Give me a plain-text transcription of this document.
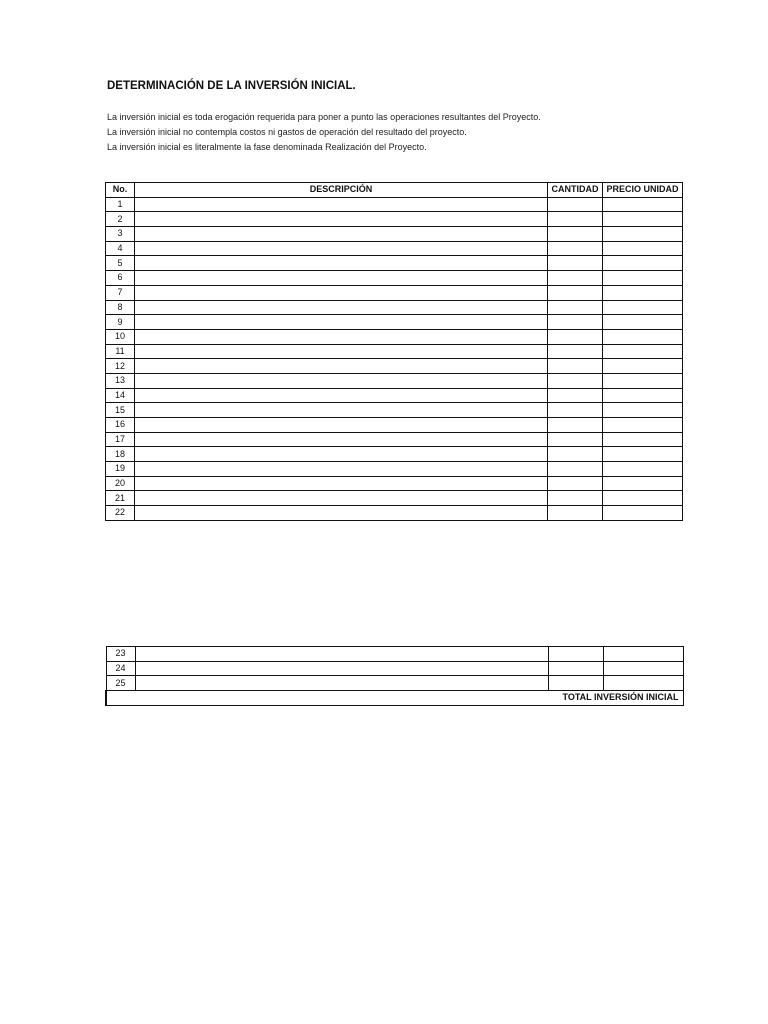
DETERMINACIÓN DE LA INVERSIÓN INICIAL.
La inversión inicial es toda erogación requerida para poner a punto las operaciones resultantes del Proyecto.
La inversión inicial no contempla costos ni gastos de operación del resultado del proyecto.
La inversión inicial es literalmente la fase denominada Realización del Proyecto.
No.	DESCRIPCIÓN	CANTIDAD	PRECIO UNIDAD
1			
2			
3			
4			
5			
6			
7			
8			
9			
10			
11			
12			
13			
14			
15			
16			
17			
18			
19			
20			
21			
22			
23			
24			
25			
TOTAL INVERSIÓN INICIAL			
